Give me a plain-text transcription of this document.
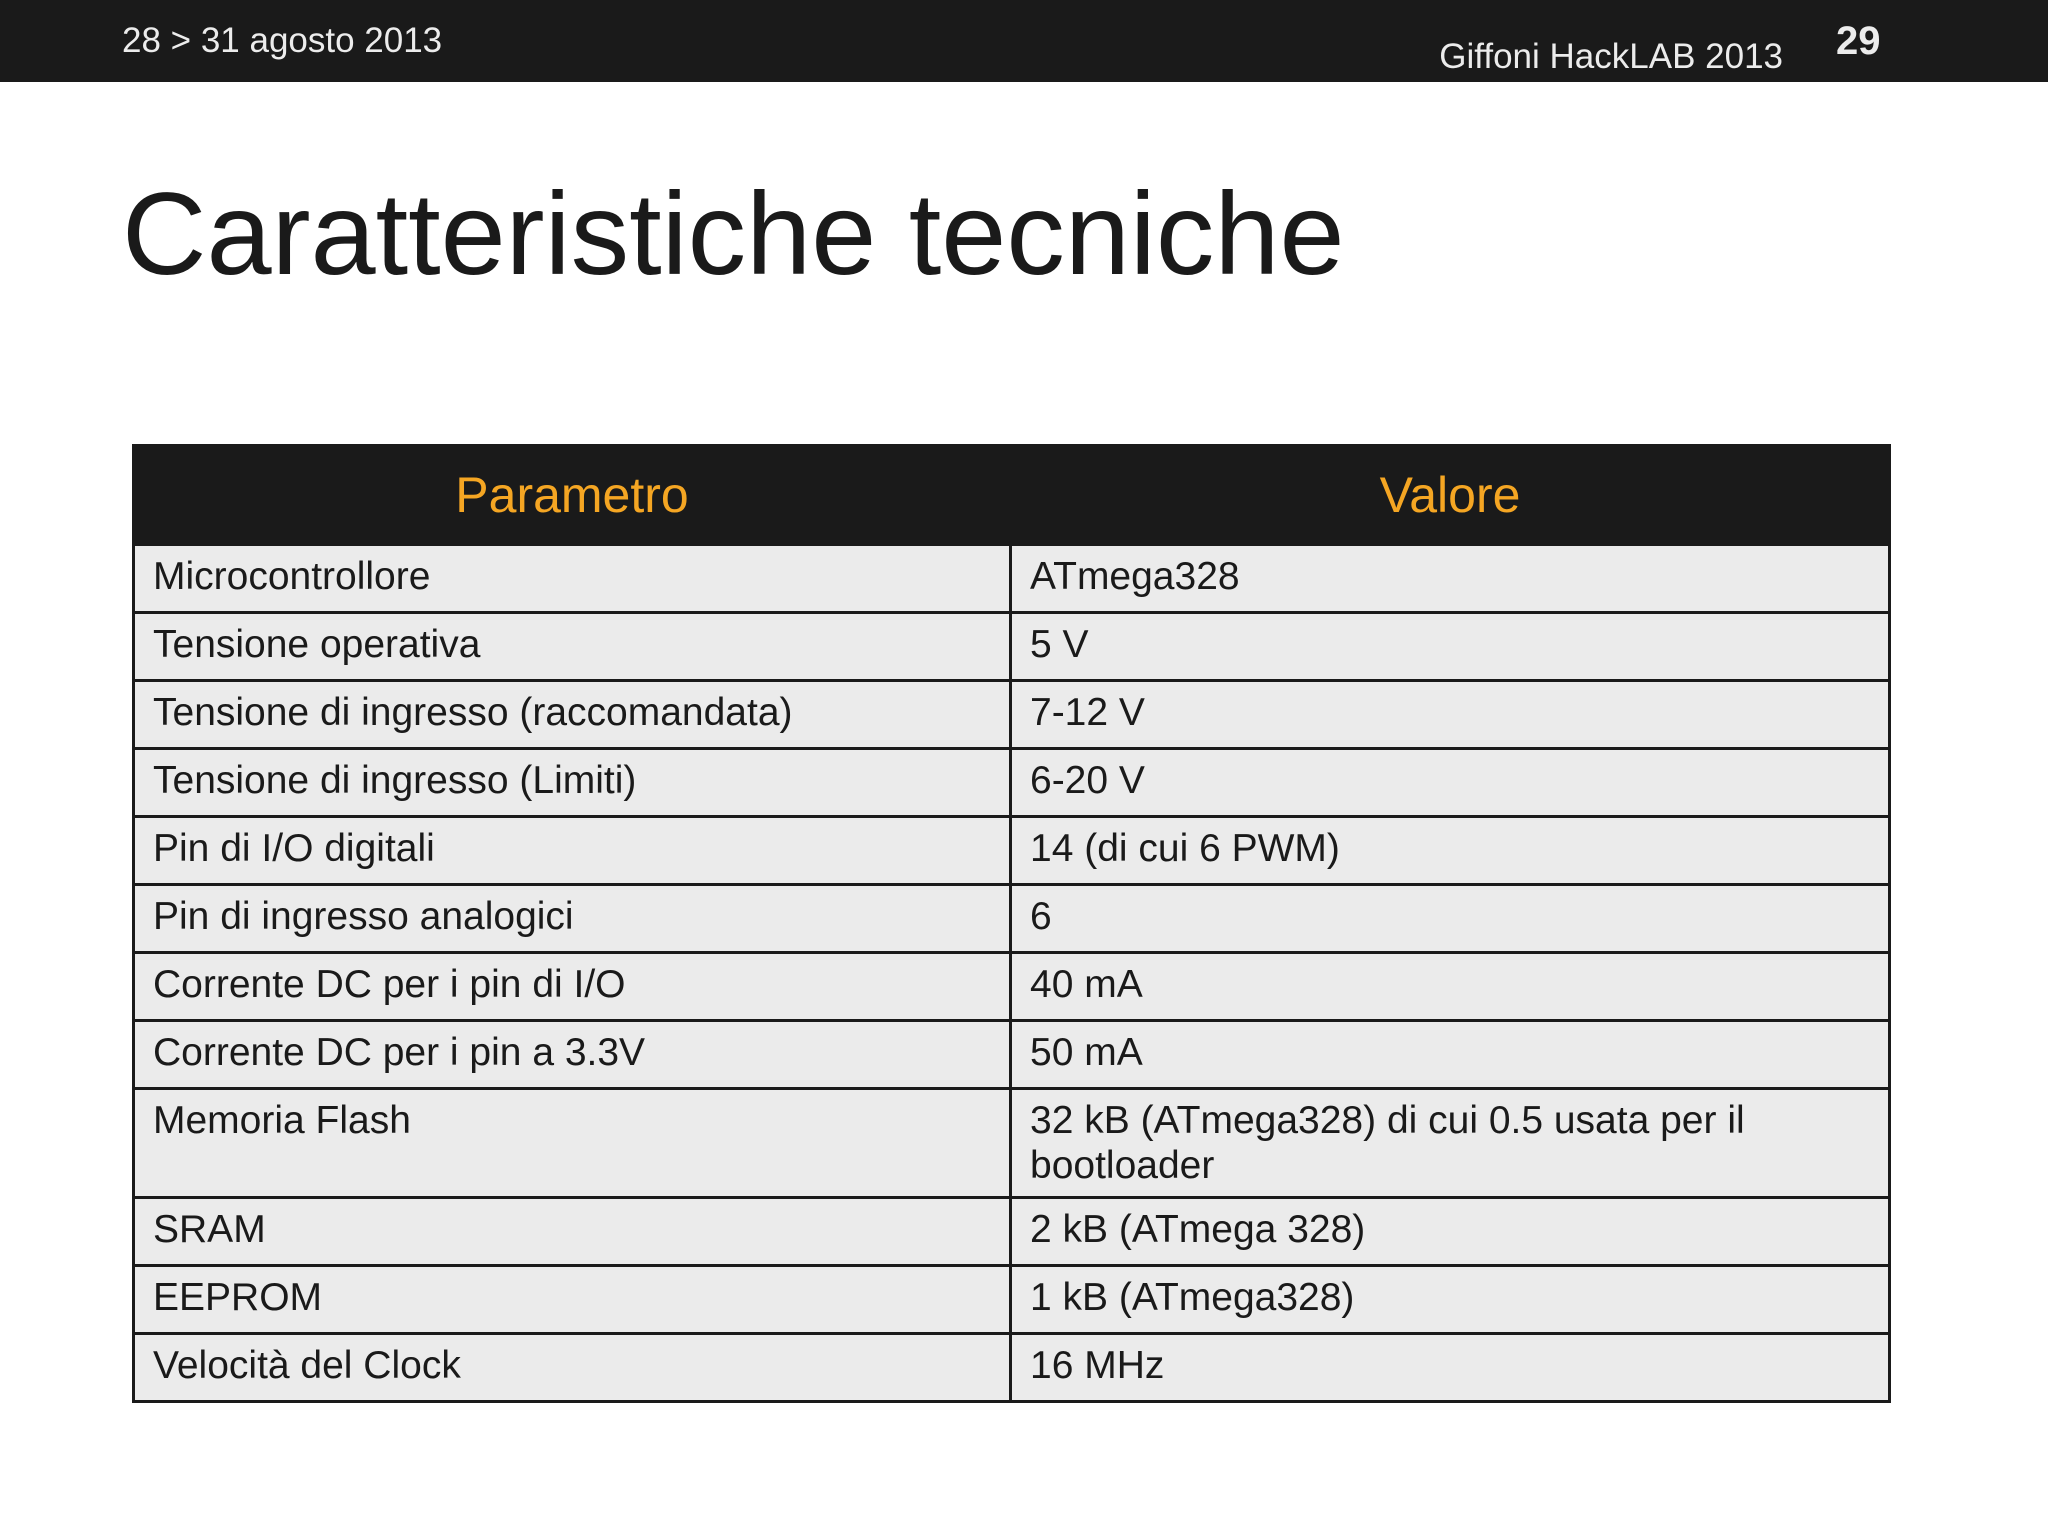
28 > 31 agosto 2013	Giffoni HackLAB 2013 29
Caratteristiche tecniche
Parametro	Valore
Microcontrollore	ATmega328
Tensione operativa	5 V
Tensione di ingresso (raccomandata)	7-12 V
Tensione di ingresso (Limiti)	6-20 V
Pin di I/O digitali	14 (di cui 6 PWM)
Pin di ingresso analogici	6
Corrente DC per i pin di I/O	40 mA
Corrente DC per i pin a 3.3V	50 mA
Memoria Flash	32 kB (ATmega328) di cui 0.5 usata per il bootloader
SRAM	2 kB (ATmega 328)
EEPROM	1 kB (ATmega328)
Velocità del Clock	16 MHz
